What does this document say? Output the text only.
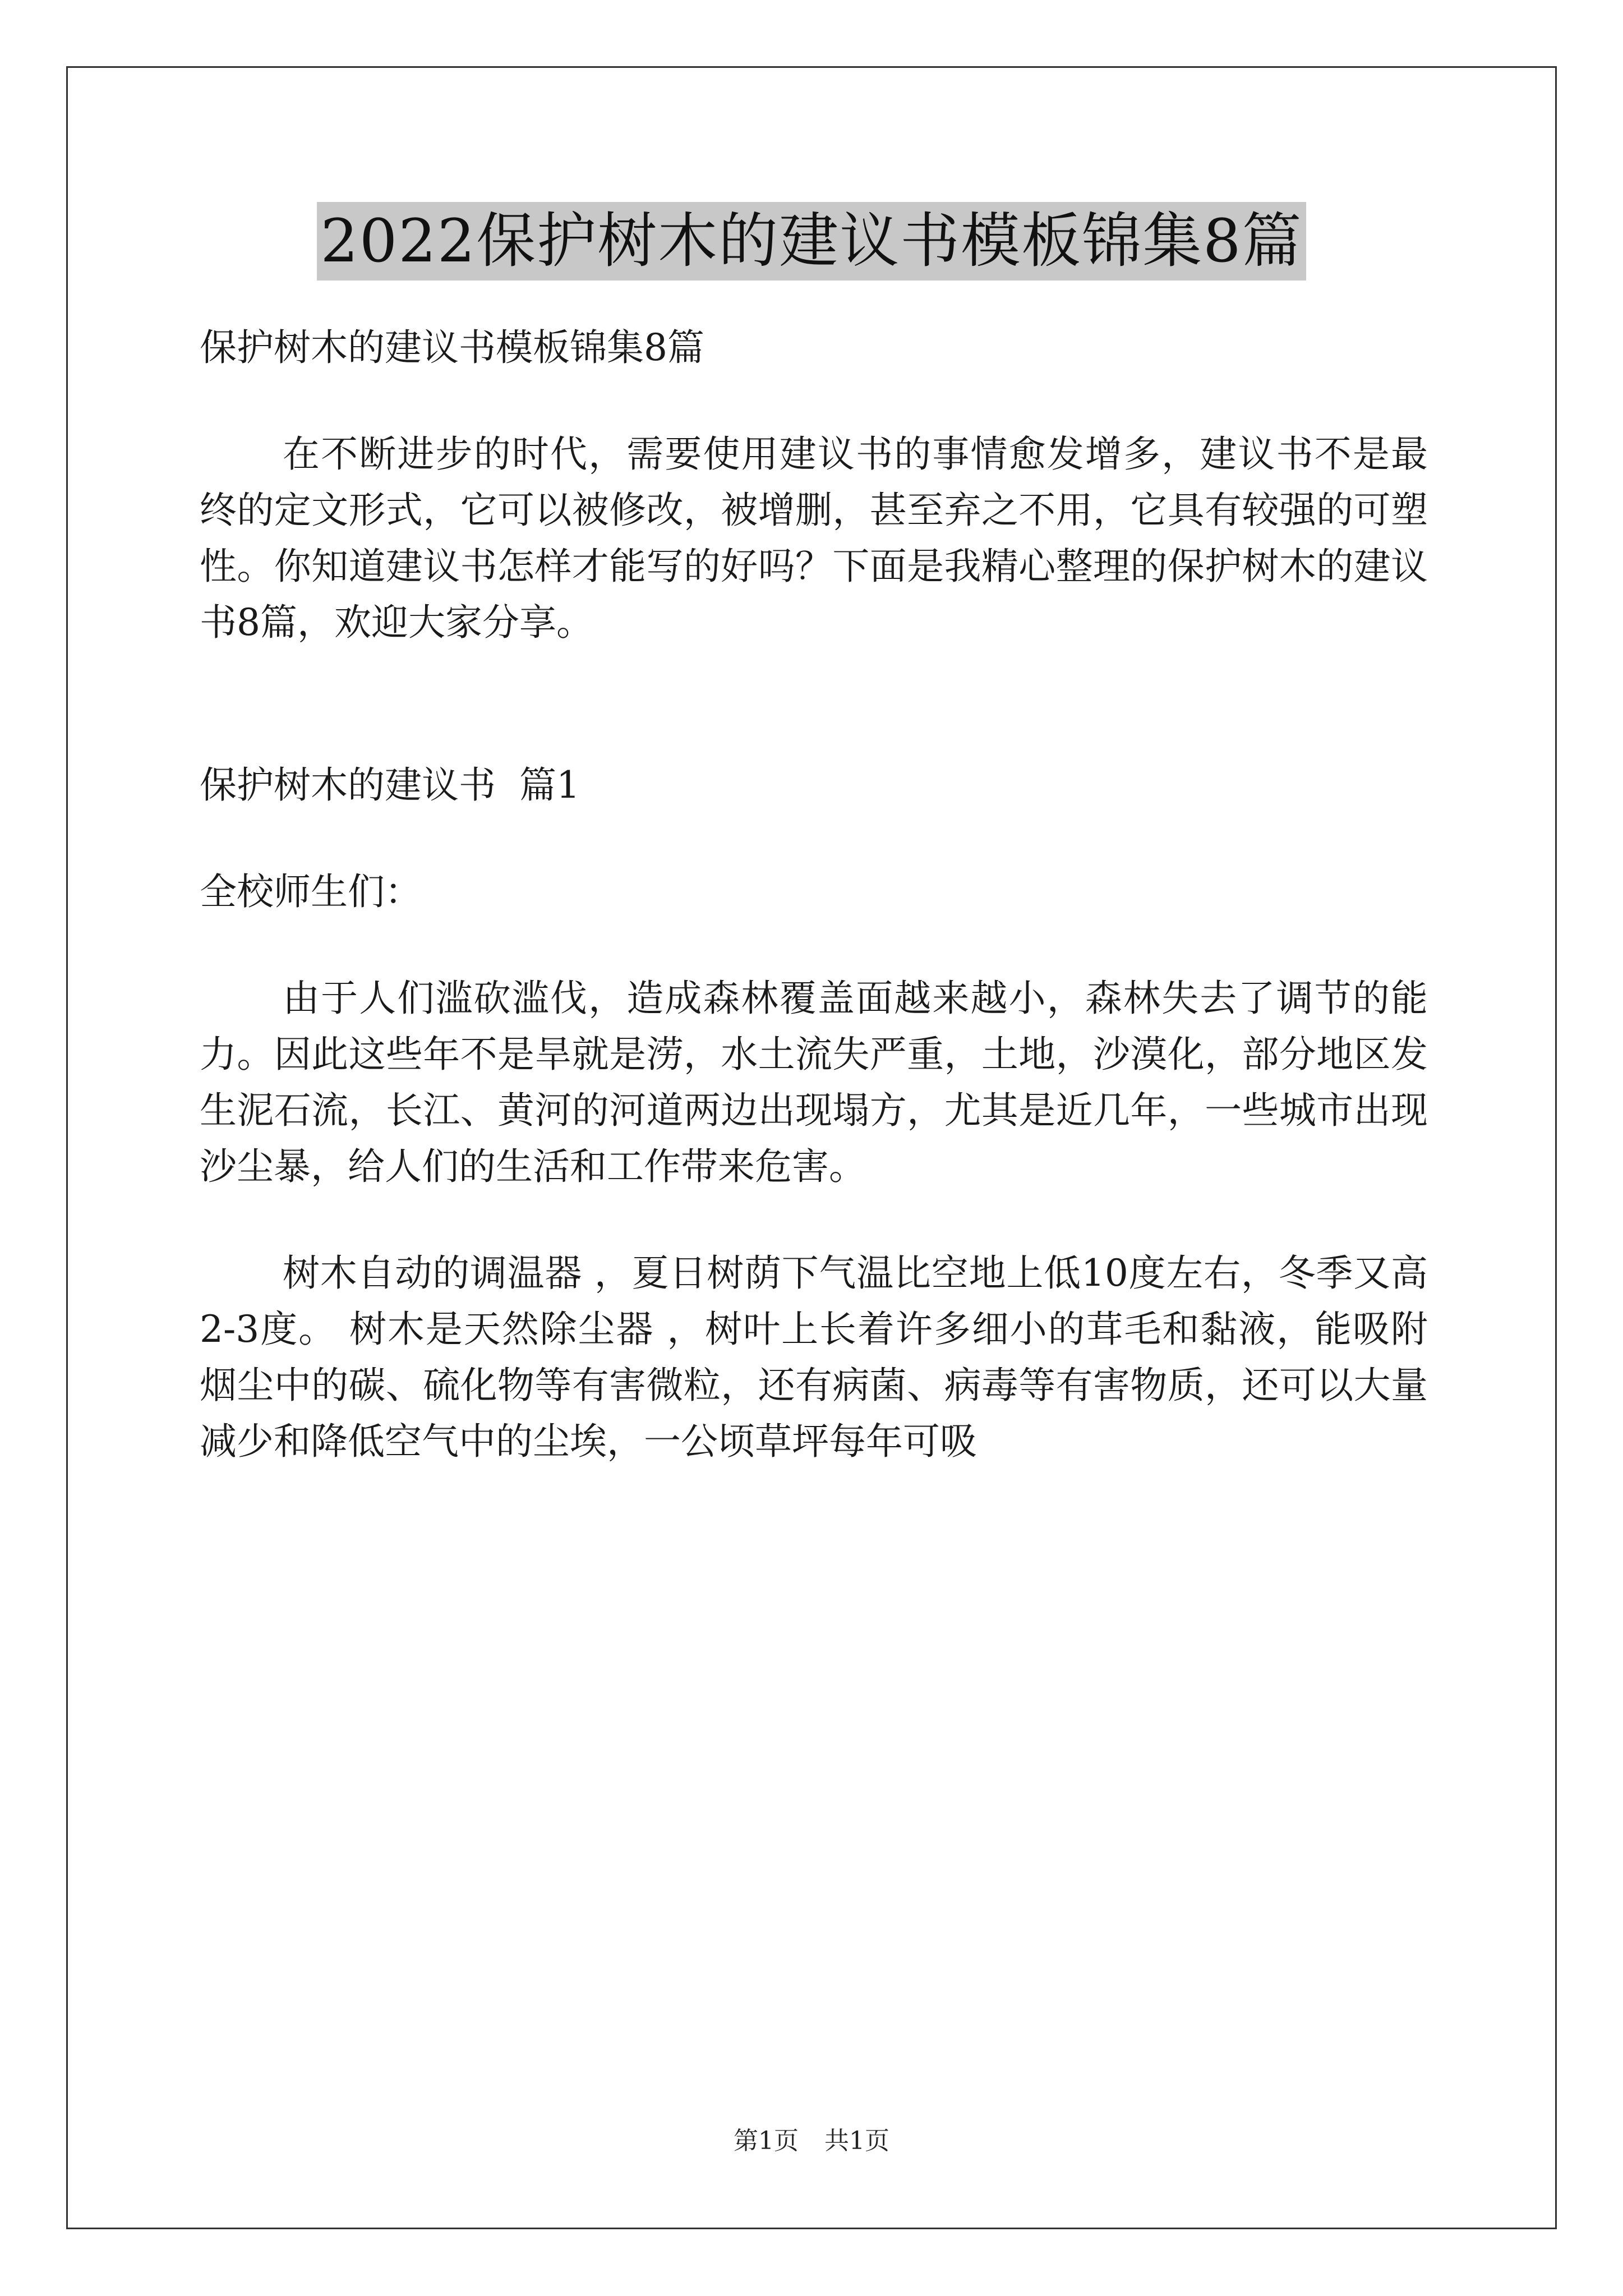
2022保护树木的建议书模板锦集8篇

保护树木的建议书模板锦集8篇

在不断进步的时代，需要使用建议书的事情愈发增多，建议书不是最终的定文形式，它可以被修改，被增删，甚至弃之不用，它具有较强的可塑性。你知道建议书怎样才能写的好吗？下面是我精心整理的保护树木的建议书8篇，欢迎大家分享。

保护树木的建议书  篇1

全校师生们：

由于人们滥砍滥伐，造成森林覆盖面越来越小，森林失去了调节的能力。因此这些年不是旱就是涝，水土流失严重，土地，沙漠化，部分地区发生泥石流，长江、黄河的河道两边出现塌方，尤其是近几年，一些城市出现沙尘暴，给人们的生活和工作带来危害。

树木自动的调温器 ，夏日树荫下气温比空地上低10度左右，冬季又高2-3度。 树木是天然除尘器 ，树叶上长着许多细小的茸毛和黏液，能吸附烟尘中的碳、硫化物等有害微粒，还有病菌、病毒等有害物质，还可以大量减少和降低空气中的尘埃，一公顷草坪每年可吸

第1页 共1页
